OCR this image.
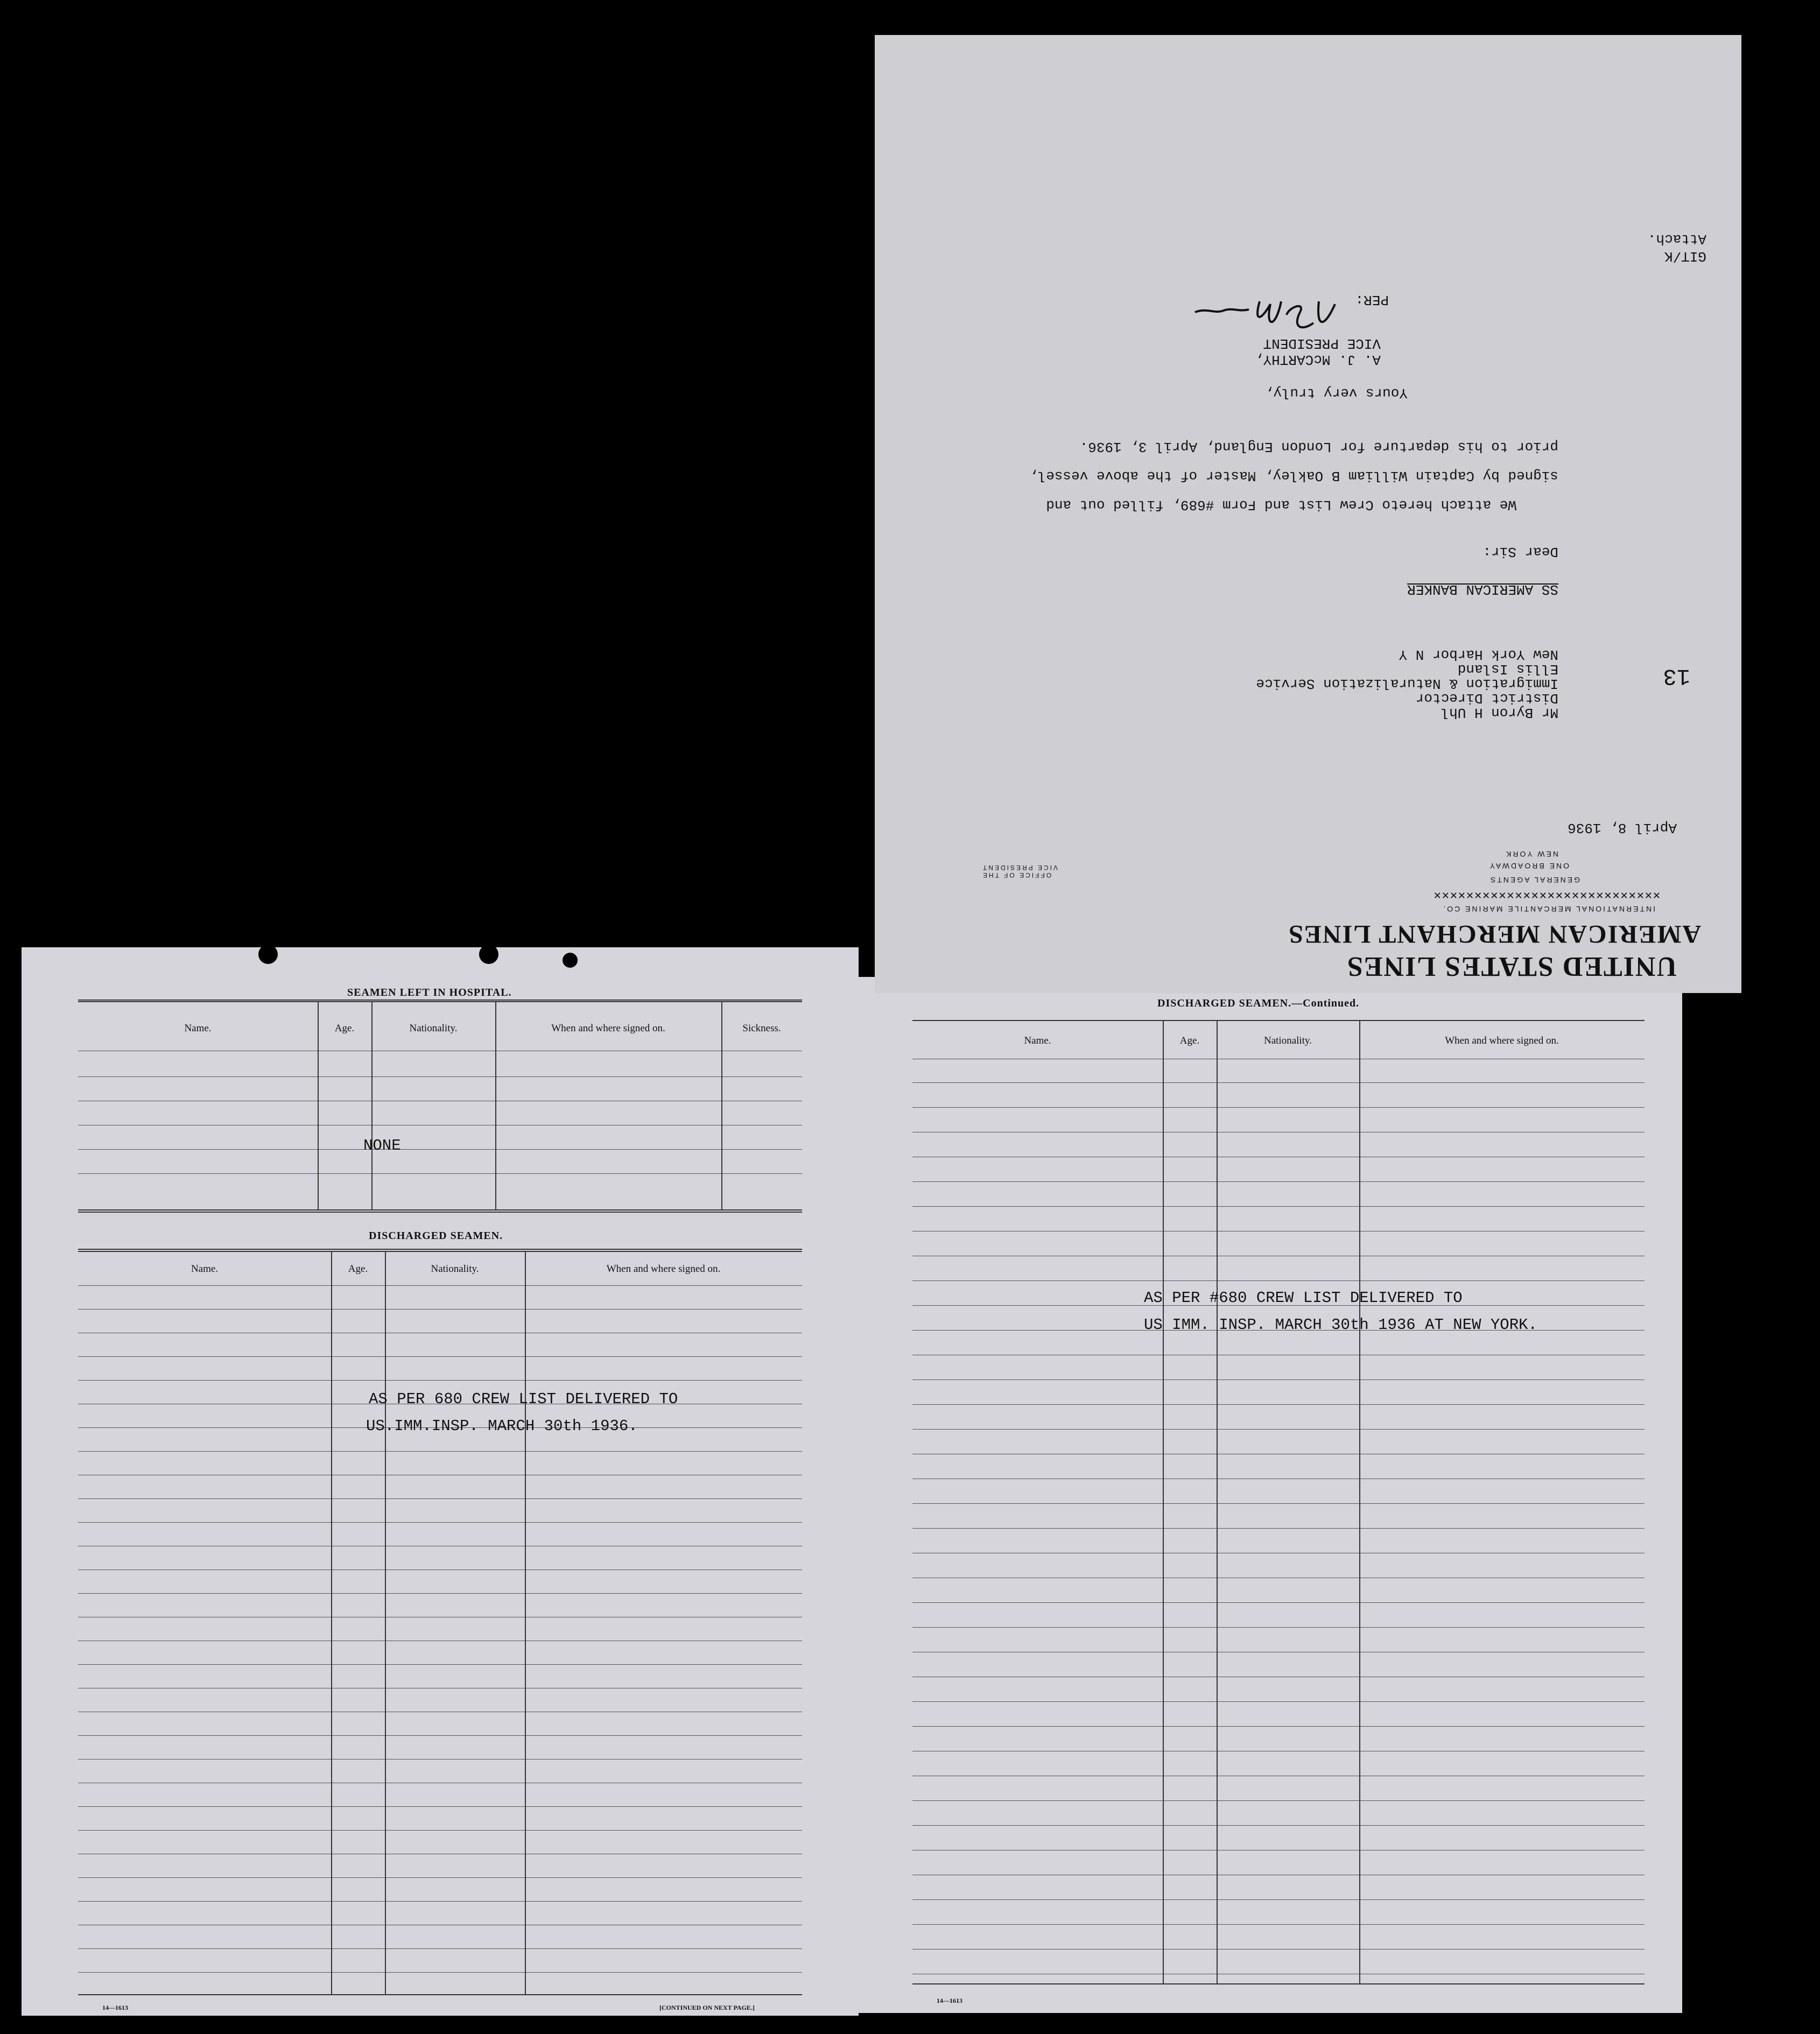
SEAMEN LEFT IN HOSPITAL.
Name.	Age.	Nationality.	When and where signed on.	Sickness.
NONE
DISCHARGED SEAMEN.
Name.	Age.	Nationality.	When and where signed on.
AS PER 680 CREW LIST DELIVERED TO
US.IMM.INSP. MARCH 30th 1936.
14—1613	[CONTINUED ON NEXT PAGE.]
DISCHARGED SEAMEN.—Continued.
Name.	Age.	Nationality.	When and where signed on.
AS PER #680 CREW LIST DELIVERED TO
US IMM. INSP. MARCH 30th 1936 AT NEW YORK.
14—1613
UNITED STATES LINES
AMERICAN MERCHANT LINES
INTERNATIONAL MERCANTILE MARINE CO.
✕✕✕✕✕✕✕✕✕✕✕✕✕✕✕✕✕✕✕✕✕✕✕✕✕✕✕✕
GENERAL AGENTS
ONE BROADWAY
NEW YORK
OFFICE OF THE
VICE PRESIDENT
April 8, 1936
13
Mr Byron H Uhl
District Director
Immigration & Naturalization Service
Ellis Island
New York Harbor N Y
SS AMERICAN BANKER
Dear Sir:
We attach hereto Crew List and Form #689, filled out and
signed by Captain William B Oakley, Master of the above vessel,
prior to his departure for London England, April 3, 1936.
Yours very truly,
A. J. McCARTHY,
VICE PRESIDENT
PER:
GIT/K
Attach.
